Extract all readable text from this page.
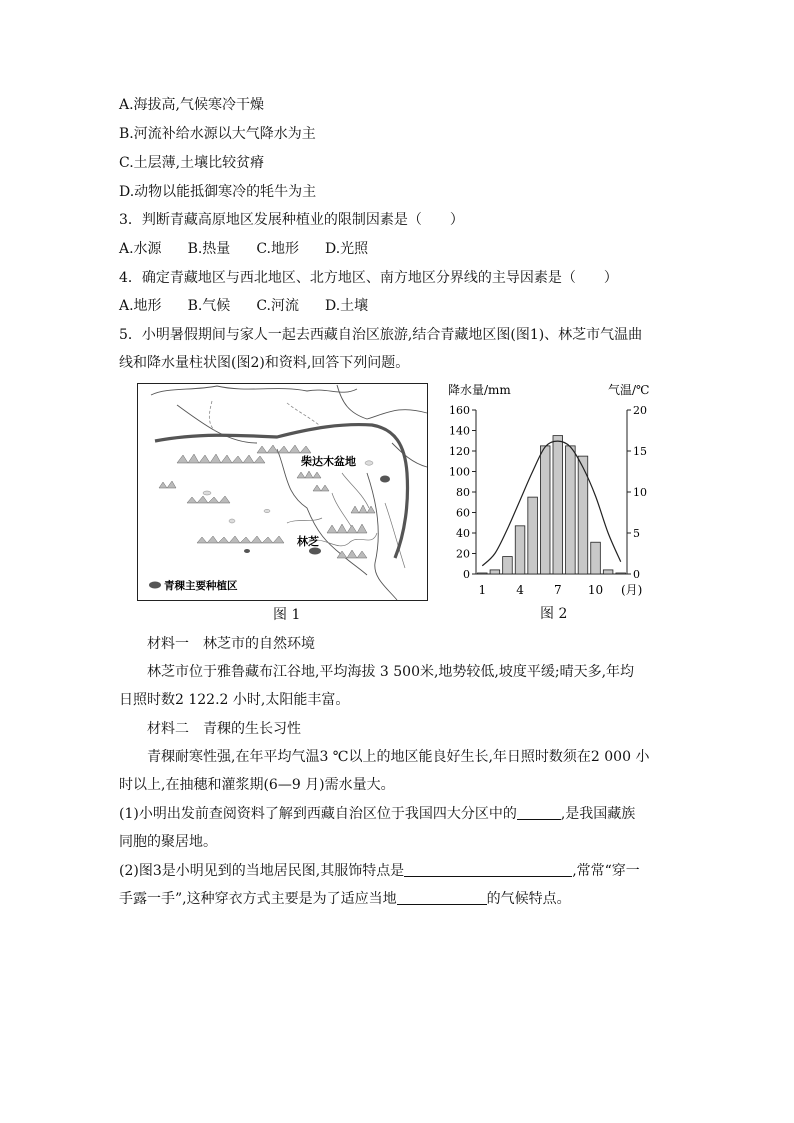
A.海拔高,气候寒冷干燥
B.河流补给水源以大气降水为主
C.土层薄,土壤比较贫瘠
D.动物以能抵御寒冷的牦牛为主
3．判断青藏高原地区发展种植业的限制因素是（　　）
A.水源 B.热量 C.地形 D.光照
4．确定青藏地区与西北地区、北方地区、南方地区分界线的主导因素是（　　）
A.地形 B.气候 C.河流 D.土壤
5．小明暑假期间与家人一起去西藏自治区旅游,结合青藏地区图(图1)、林芝市气温曲
线和降水量柱状图(图2)和资料,回答下列问题。
柴达木盆地
林芝
青稞主要种植区
图 1
降水量/mm	气温/℃
0
20
40
60
80
100
120
140
160
0
5
10
15
20
1	4	7 10 (月)
图 2
材料一　林芝市的自然环境
林芝市位于雅鲁藏布江谷地,平均海拔 3 500米,地势较低,坡度平缓;晴天多,年均
日照时数2 122.2 小时,太阳能丰富。
材料二　青稞的生长习性
青稞耐寒性强,在年平均气温3 ℃以上的地区能良好生长,年日照时数须在2 000 小
时以上,在抽穗和灌浆期(6—9 月)需水量大。
(1)小明出发前查阅资料了解到西藏自治区位于我国四大分区中的	,是我国藏族
同胞的聚居地。
(2)图3是小明见到的当地居民图,其服饰特点是	,常常“穿一
手露一手”,这种穿衣方式主要是为了适应当地	的气候特点。
